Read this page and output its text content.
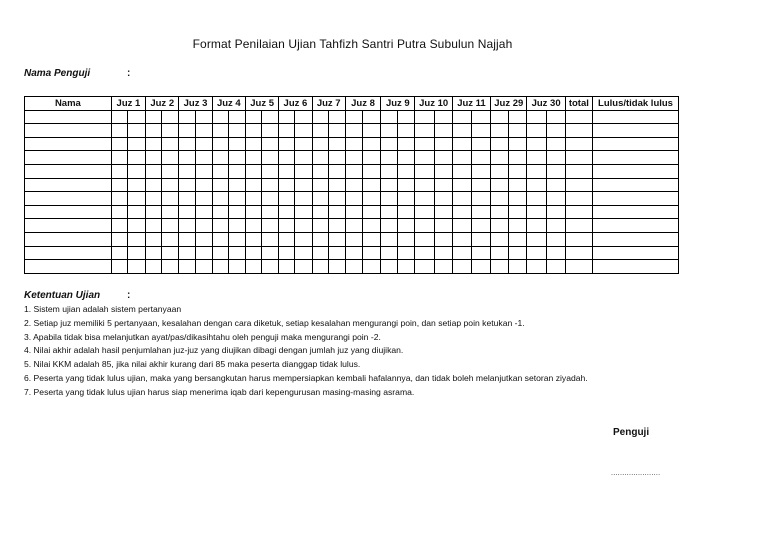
Format Penilaian Ujian Tahfizh Santri Putra Subulun Najjah
Nama Penguji	:
Nama	Juz 1		Juz 2		Juz 3		Juz 4		Juz 5		Juz 6		Juz 7		Juz 8		Juz 9		Juz 10		Juz 11		Juz 29		Juz 30		total	Lulus/tidak lulus

Ketentuan Ujian	:
1. Sistem ujian adalah sistem pertanyaan
2. Setiap juz memiliki 5 pertanyaan, kesalahan dengan cara diketuk, setiap kesalahan mengurangi poin, dan setiap poin ketukan -1.
3. Apabila tidak bisa melanjutkan ayat/pas/dikasihtahu oleh penguji maka mengurangi poin -2.
4. Nilai akhir adalah hasil penjumlahan juz-juz yang diujikan dibagi dengan jumlah juz yang diujikan.
5. Nilai KKM adalah 85, jika nilai akhir kurang dari 85 maka peserta dianggap tidak lulus.
6. Peserta yang tidak lulus ujian, maka yang bersangkutan harus mempersiapkan kembali hafalannya, dan tidak boleh melanjutkan setoran ziyadah.
7. Peserta yang tidak lulus ujian harus siap menerima iqab dari kepengurusan masing-masing asrama.
Penguji
......................
